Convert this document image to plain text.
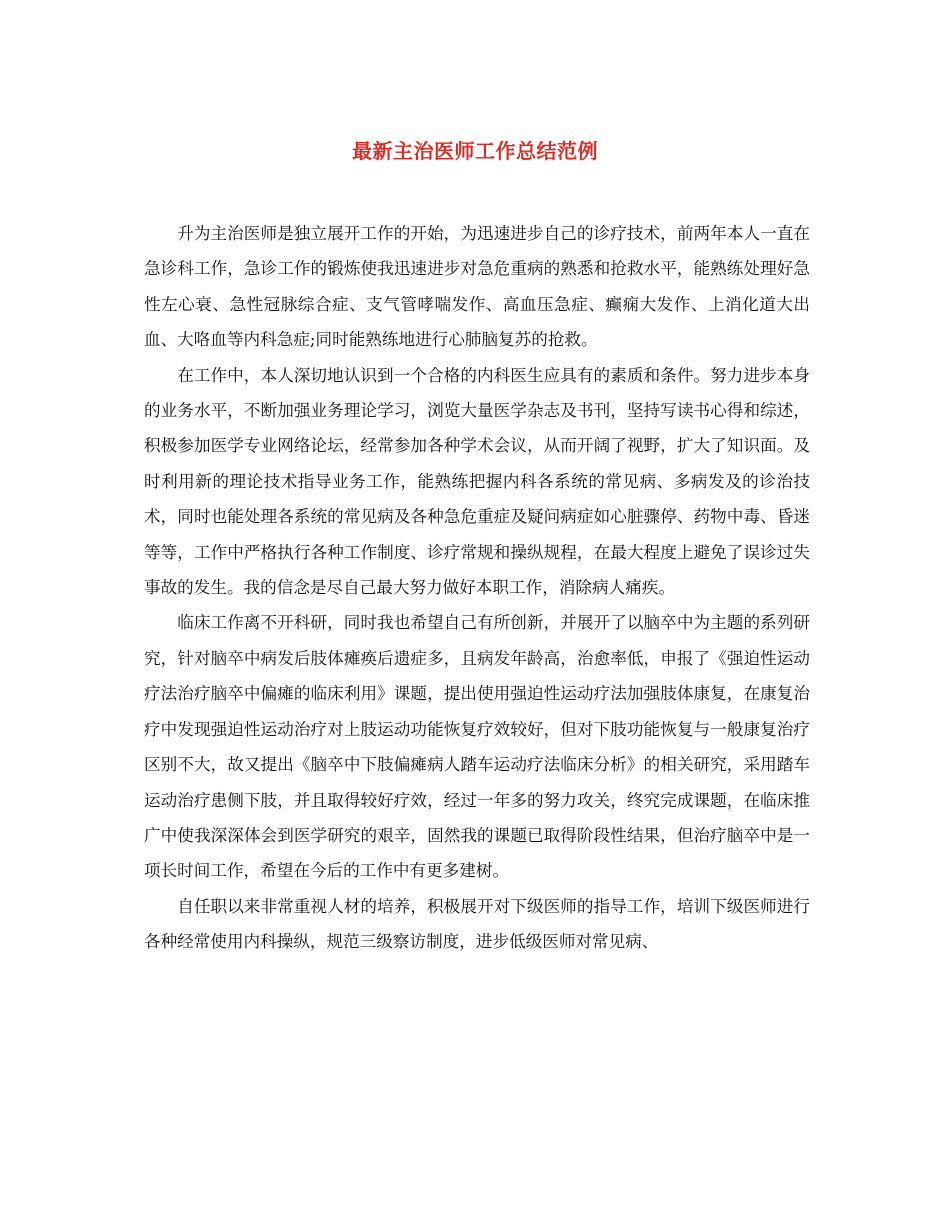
最新主治医师工作总结范例

升为主治医师是独立展开工作的开始，为迅速进步自己的诊疗技术，前两年本人一直在急诊科工作，急诊工作的锻炼使我迅速进步对急危重病的熟悉和抢救水平，能熟练处理好急性左心衰、急性冠脉综合症、支气管哮喘发作、高血压急症、癫痫大发作、上消化道大出血、大咯血等内科急症;同时能熟练地进行心肺脑复苏的抢救。

在工作中，本人深切地认识到一个合格的内科医生应具有的素质和条件。努力进步本身的业务水平，不断加强业务理论学习，浏览大量医学杂志及书刊，坚持写读书心得和综述，积极参加医学专业网络论坛，经常参加各种学术会议，从而开阔了视野，扩大了知识面。及时利用新的理论技术指导业务工作，能熟练把握内科各系统的常见病、多病发及的诊治技术，同时也能处理各系统的常见病及各种急危重症及疑问病症如心脏骤停、药物中毒、昏迷等等，工作中严格执行各种工作制度、诊疗常规和操纵规程，在最大程度上避免了误诊过失事故的发生。我的信念是尽自己最大努力做好本职工作，消除病人痛疾。

临床工作离不开科研，同时我也希望自己有所创新，并展开了以脑卒中为主题的系列研究，针对脑卒中病发后肢体瘫痪后遗症多，且病发年龄高，治愈率低，申报了《强迫性运动疗法治疗脑卒中偏瘫的临床利用》课题，提出使用强迫性运动疗法加强肢体康复，在康复治疗中发现强迫性运动治疗对上肢运动功能恢复疗效较好，但对下肢功能恢复与一般康复治疗区别不大，故又提出《脑卒中下肢偏瘫病人踏车运动疗法临床分析》的相关研究，采用踏车运动治疗患侧下肢，并且取得较好疗效，经过一年多的努力攻关，终究完成课题，在临床推广中使我深深体会到医学研究的艰辛，固然我的课题已取得阶段性结果，但治疗脑卒中是一项长时间工作，希望在今后的工作中有更多建树。

自任职以来非常重视人材的培养，积极展开对下级医师的指导工作，培训下级医师进行各种经常使用内科操纵，规范三级察访制度，进步低级医师对常见病、
